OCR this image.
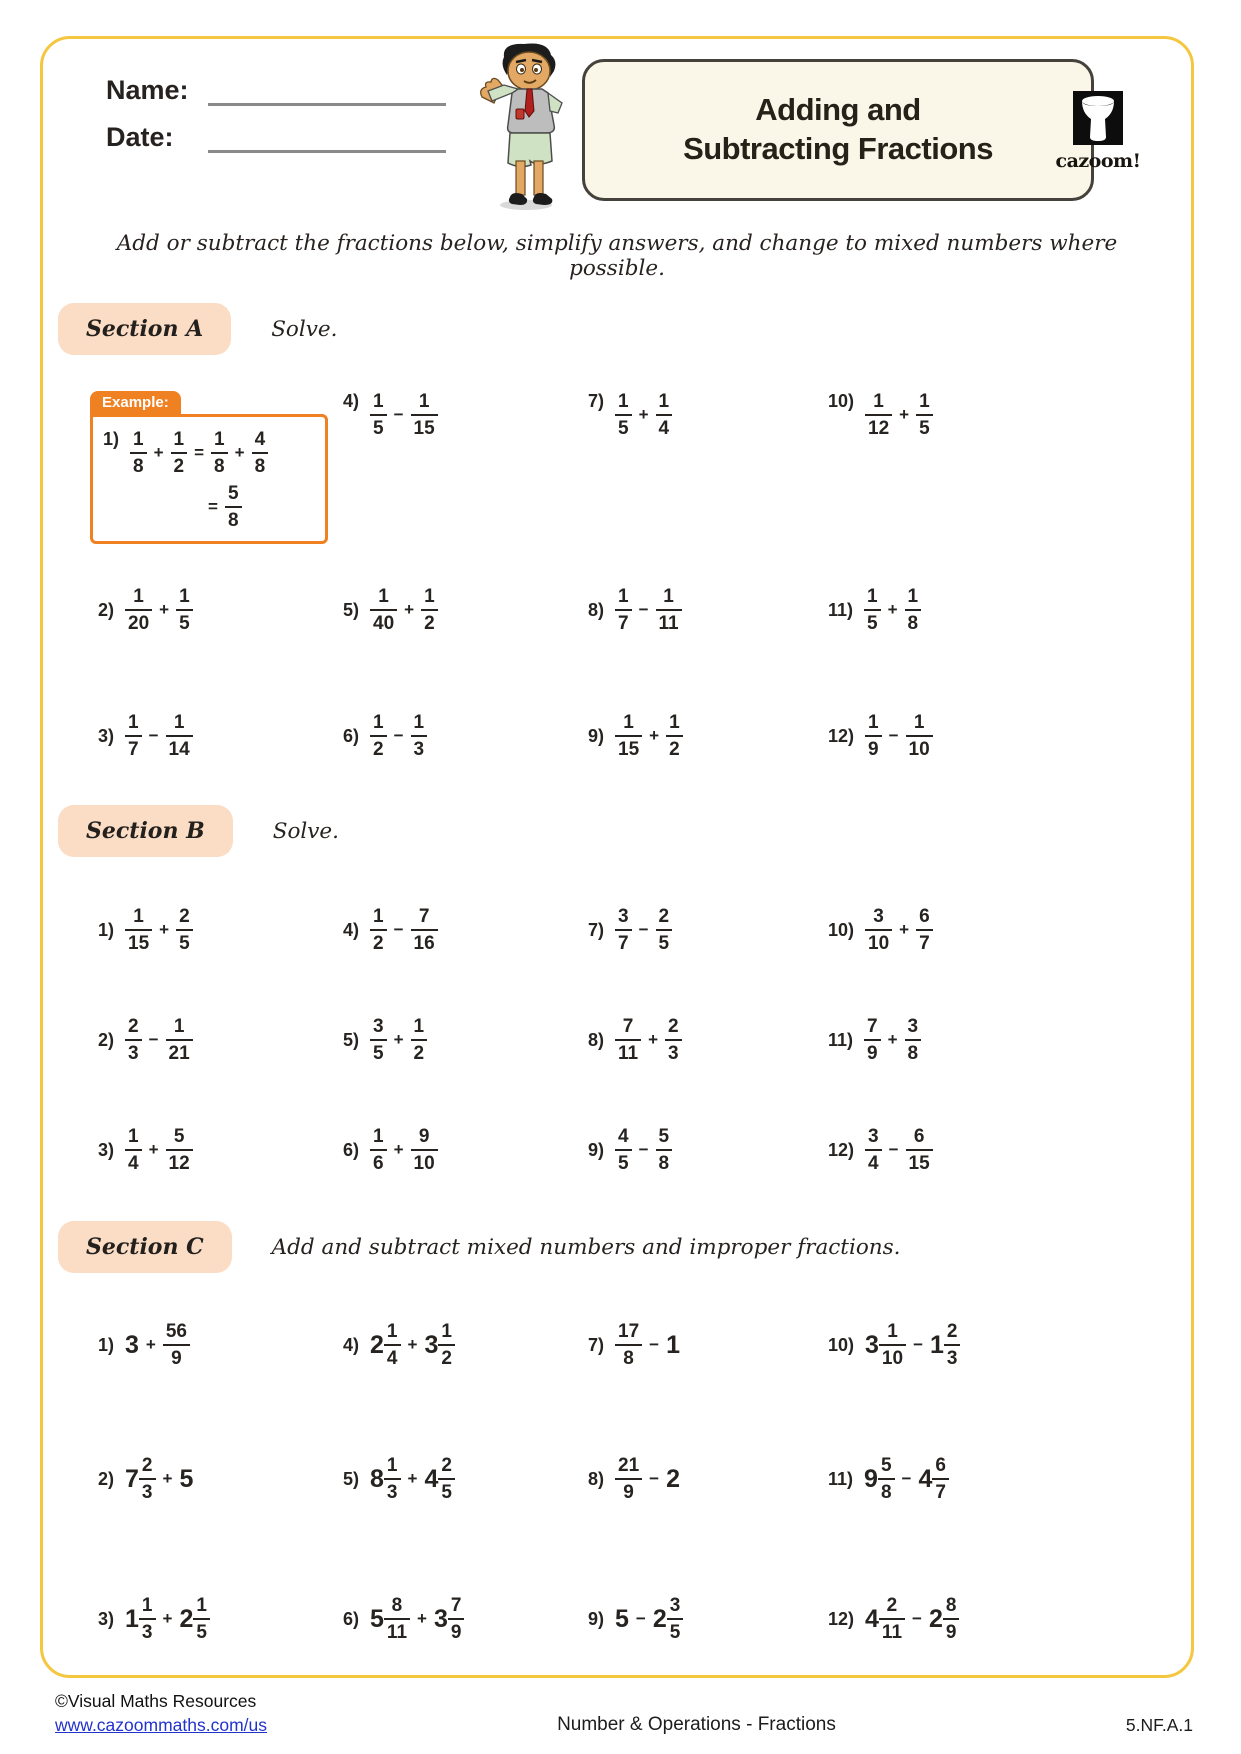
Name:
Date:
Adding and
Subtracting Fractions	cazoom!

Add or subtract the fractions below, simplify answers, and change to mixed numbers where possible.

Section A	Solve.
Example:
$1) \frac{1}{8} + \frac{1}{2} = \frac{1}{8} + \frac{4}{8}$
= $\frac{5}{8}$
$4) \frac{1}{5} - \frac{1}{15}$	$7) \frac{1}{5} + \frac{1}{4}$	$10) \frac{1}{12} + \frac{1}{5}$
$2) \frac{1}{20} + \frac{1}{5}$	$5) \frac{1}{40} + \frac{1}{2}$	$8) \frac{1}{7} - \frac{1}{11}$	$11) \frac{1}{5} + \frac{1}{8}$
$3) \frac{1}{7} - \frac{1}{14}$	$6) \frac{1}{2} - \frac{1}{3}$	$9) \frac{1}{15} + \frac{1}{2}$	$12) \frac{1}{9} - \frac{1}{10}$
Section B	Solve.
$1) \frac{1}{15} + \frac{2}{5}$	$4) \frac{1}{2} - \frac{7}{16}$	$7) \frac{3}{7} - \frac{2}{5}$	$10) \frac{3}{10} + \frac{6}{7}$
$2) \frac{2}{3} - \frac{1}{21}$	$5) \frac{3}{5} + \frac{1}{2}$	$8) \frac{7}{11} + \frac{2}{3}$	$11) \frac{7}{9} + \frac{3}{8}$
$3) \frac{1}{4} + \frac{5}{12}$	$6) \frac{1}{6} + \frac{9}{10}$	$9) \frac{4}{5} - \frac{5}{8}$	$12) \frac{3}{4} - \frac{6}{15}$
Section C	Add and subtract mixed numbers and improper fractions.
1) $3 + \frac{56}{9}$	4) $2 \frac{1}{4} + 3 \frac{1}{2}$	$7) \frac{17}{8} - 1$	10) $3 \frac{1}{10} - 1 \frac{2}{3}$
2) $7 \frac{2}{3} + 5$	5) $8 \frac{1}{3} + 4 \frac{2}{5}$	$8) \frac{21}{9} - 2$	11) $9 \frac{5}{8} - 4 \frac{6}{7}$
3) $1 \frac{1}{3} + 2 \frac{1}{5}$	6) $5 \frac{8}{11} + 3 \frac{7}{9}$	9) $5 - 2 \frac{3}{5}$	12) $4 \frac{2}{11} - 2 \frac{8}{9}$
©Visual Maths Resources
www.cazoommaths.com/us	Number & Operations - Fractions	5.NF.A.1
